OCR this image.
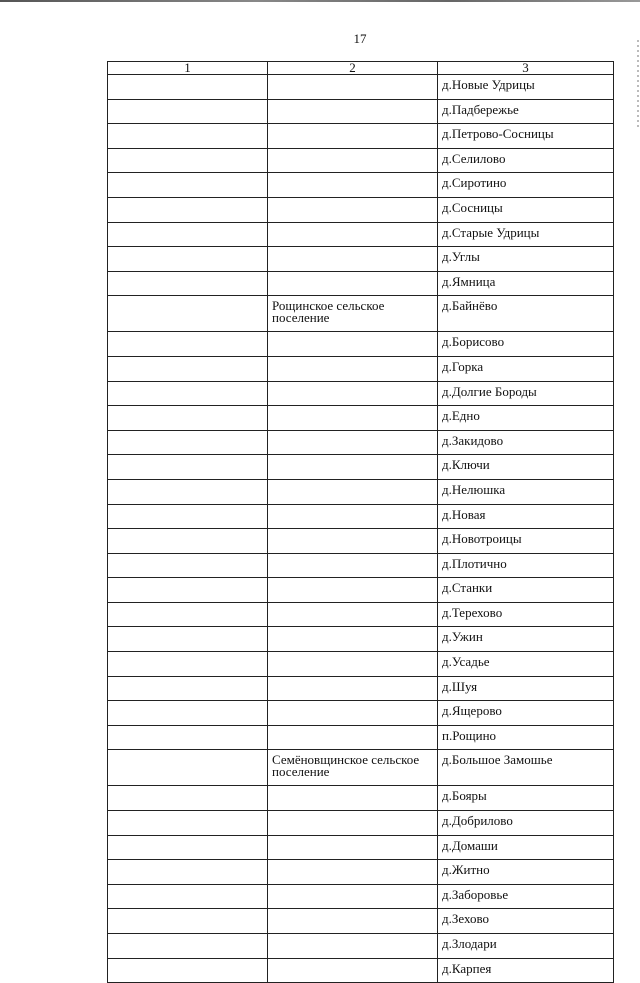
17
1	2	3
		д.Новые Удрицы
		д.Падбережье
		д.Петрово-Сосницы
		д.Селилово
		д.Сиротино
		д.Сосницы
		д.Старые Удрицы
		д.Углы
		д.Ямница
	Рощинское сельское поселение	д.Байнёво
		д.Борисово
		д.Горка
		д.Долгие Бороды
		д.Едно
		д.Закидово
		д.Ключи
		д.Нелюшка
		д.Новая
		д.Новотроицы
		д.Плотично
		д.Станки
		д.Терехово
		д.Ужин
		д.Усадье
		д.Шуя
		д.Ящерово
		п.Рощино
	Семёновщинское сельское поселение	д.Большое Замошье
		д.Бояры
		д.Добрилово
		д.Домаши
		д.Житно
		д.Заборовье
		д.Зехово
		д.Злодари
		д.Карпея
